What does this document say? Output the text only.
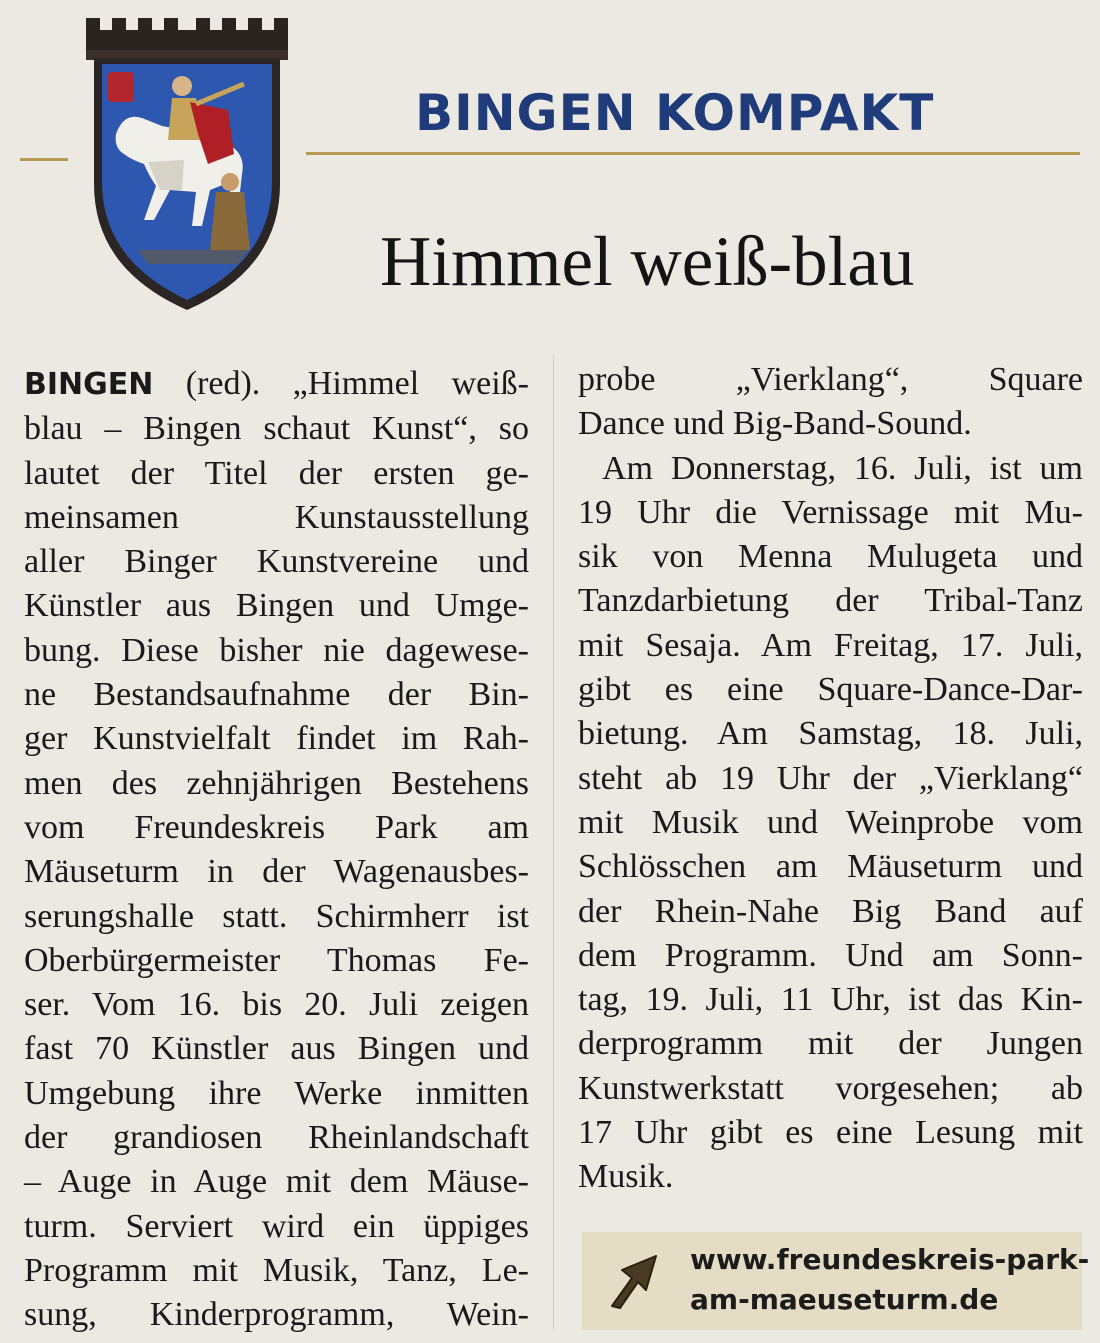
BINGEN KOMPAKT
Himmel weiß-blau
BINGEN (red). „Himmel weiß-
blau – Bingen schaut Kunst“, so
lautet der Titel der ersten ge-
meinsamen Kunstausstellung
aller Binger Kunstvereine und
Künstler aus Bingen und Umge-
bung. Diese bisher nie dagewese-
ne Bestandsaufnahme der Bin-
ger Kunstvielfalt findet im Rah-
men des zehnjährigen Bestehens
vom Freundeskreis Park am
Mäuseturm in der Wagenausbes-
serungshalle statt. Schirmherr ist
Oberbürgermeister Thomas Fe-
ser. Vom 16. bis 20. Juli zeigen
fast 70 Künstler aus Bingen und
Umgebung ihre Werke inmitten
der grandiosen Rheinlandschaft
– Auge in Auge mit dem Mäuse-
turm. Serviert wird ein üppiges
Programm mit Musik, Tanz, Le-
sung, Kinderprogramm, Wein-
probe „Vierklang“, Square
Dance und Big-Band-Sound.
Am Donnerstag, 16. Juli, ist um
19 Uhr die Vernissage mit Mu-
sik von Menna Mulugeta und
Tanzdarbietung der Tribal-Tanz
mit Sesaja. Am Freitag, 17. Juli,
gibt es eine Square-Dance-Dar-
bietung. Am Samstag, 18. Juli,
steht ab 19 Uhr der „Vierklang“
mit Musik und Weinprobe vom
Schlösschen am Mäuseturm und
der Rhein-Nahe Big Band auf
dem Programm. Und am Sonn-
tag, 19. Juli, 11 Uhr, ist das Kin-
derprogramm mit der Jungen
Kunstwerkstatt vorgesehen; ab
17 Uhr gibt es eine Lesung mit
Musik.
www.freundeskreis-park-
am-maeuseturm.de
